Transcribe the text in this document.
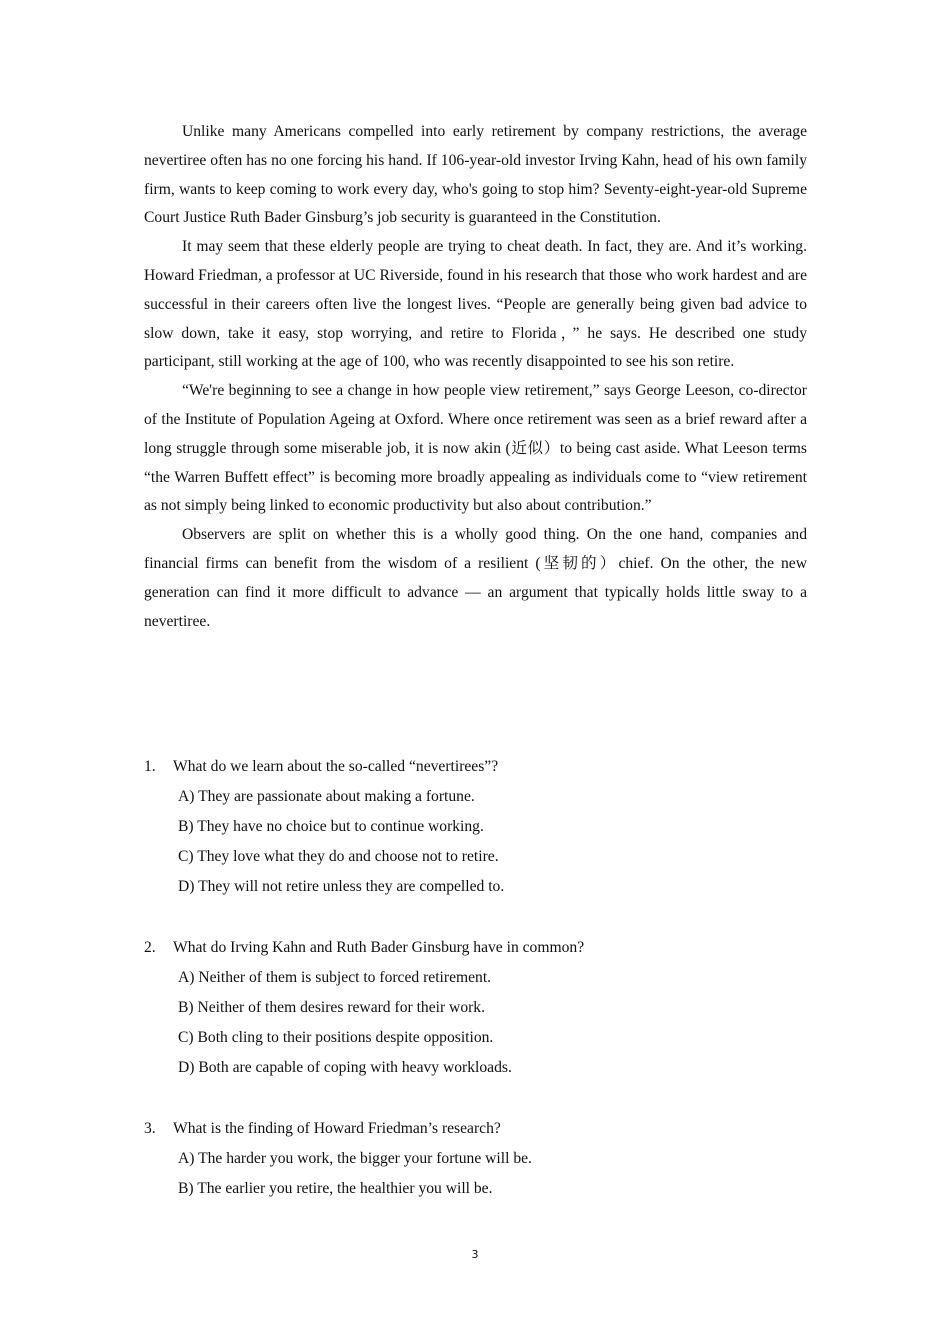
Unlike many Americans compelled into early retirement by company restrictions, the average nevertiree often has no one forcing his hand. If 106-year-old investor Irving Kahn, head of his own family firm, wants to keep coming to work every day, who's going to stop him? Seventy-eight-year-old Supreme Court Justice Ruth Bader Ginsburg’s job security is guaranteed in the Constitution.

It may seem that these elderly people are trying to cheat death. In fact, they are. And it’s working. Howard Friedman, a professor at UC Riverside, found in his research that those who work hardest and are successful in their careers often live the longest lives. “People are generally being given bad advice to slow down, take it easy, stop worrying, and retire to Florida，” he says. He described one study participant, still working at the age of 100, who was recently disappointed to see his son retire.

“We're beginning to see a change in how people view retirement,” says George Leeson, co-director of the Institute of Population Ageing at Oxford. Where once retirement was seen as a brief reward after a long struggle through some miserable job, it is now akin (近似）to being cast aside. What Leeson terms “the Warren Buffett effect” is becoming more broadly appealing as individuals come to “view retirement as not simply being linked to economic productivity but also about contribution.”

Observers are split on whether this is a wholly good thing. On the one hand, companies and financial firms can benefit from the wisdom of a resilient (坚韧的）chief. On the other, the new generation can find it more difficult to advance — an argument that typically holds little sway to a nevertiree.

1.	What do we learn about the so-called “nevertirees”?
A) They are passionate about making a fortune.
B) They have no choice but to continue working.
C) They love what they do and choose not to retire.
D) They will not retire unless they are compelled to.
2.	What do Irving Kahn and Ruth Bader Ginsburg have in common?
A) Neither of them is subject to forced retirement.
B) Neither of them desires reward for their work.
C) Both cling to their positions despite opposition.
D) Both are capable of coping with heavy workloads.
3.	What is the finding of Howard Friedman’s research?
A) The harder you work, the bigger your fortune will be.
B) The earlier you retire, the healthier you will be.
3
